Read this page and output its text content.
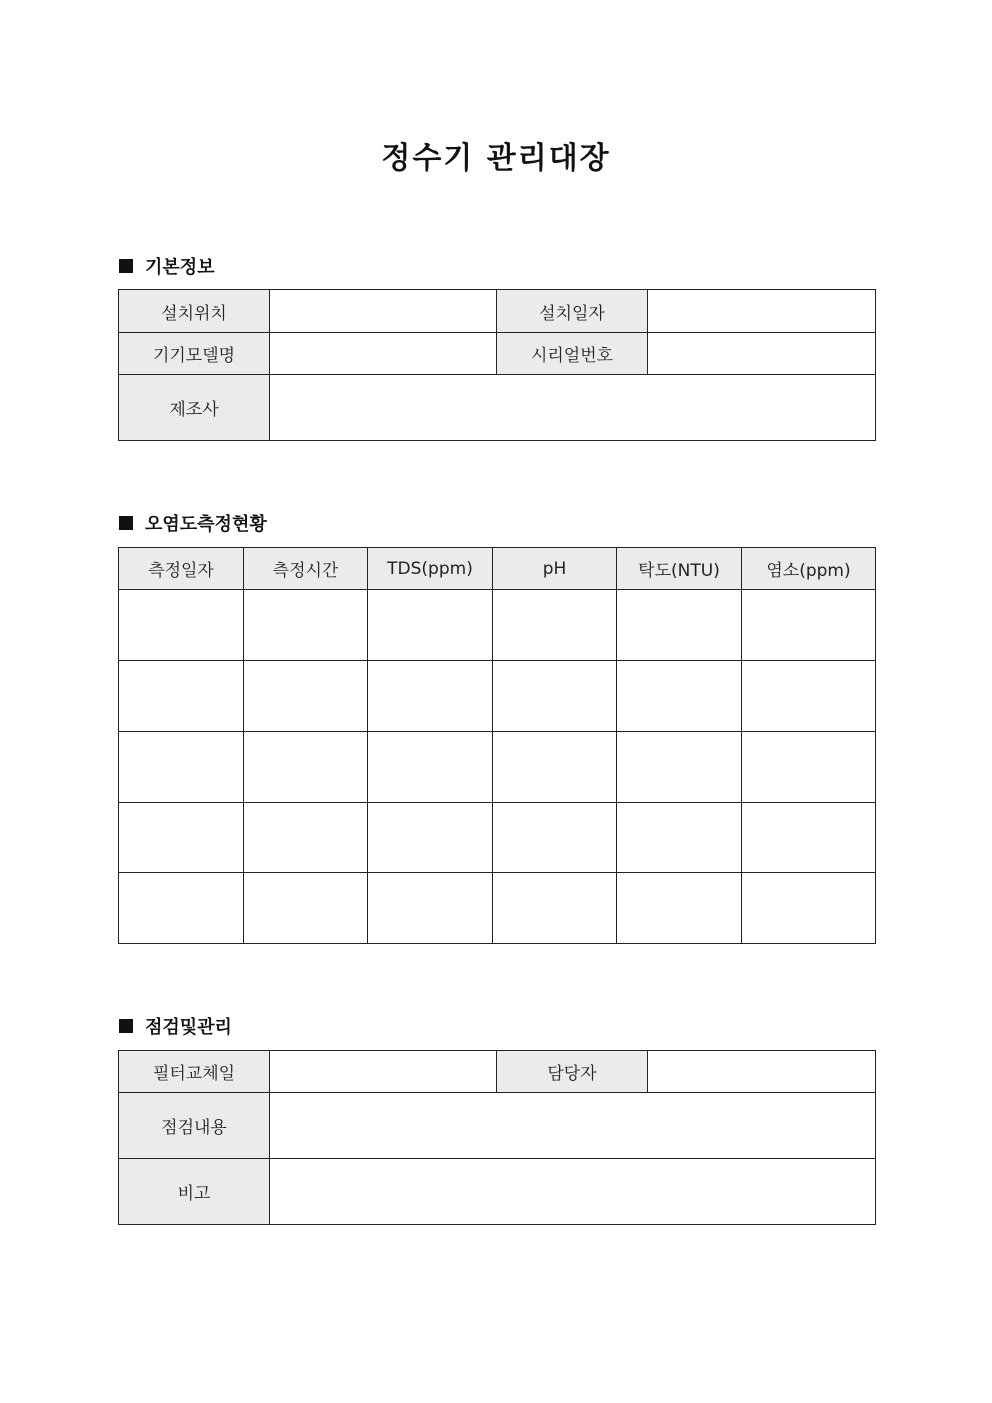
정수기 관리대장
기본정보
설치위치		설치일자	
기기모델명		시리얼번호	
제조사			
오염도측정현황
측정일자	측정시간	TDS(ppm)	pH	탁도(NTU)	염소(ppm)

점검및관리
필터교체일		담당자	
점검내용			
비고			
